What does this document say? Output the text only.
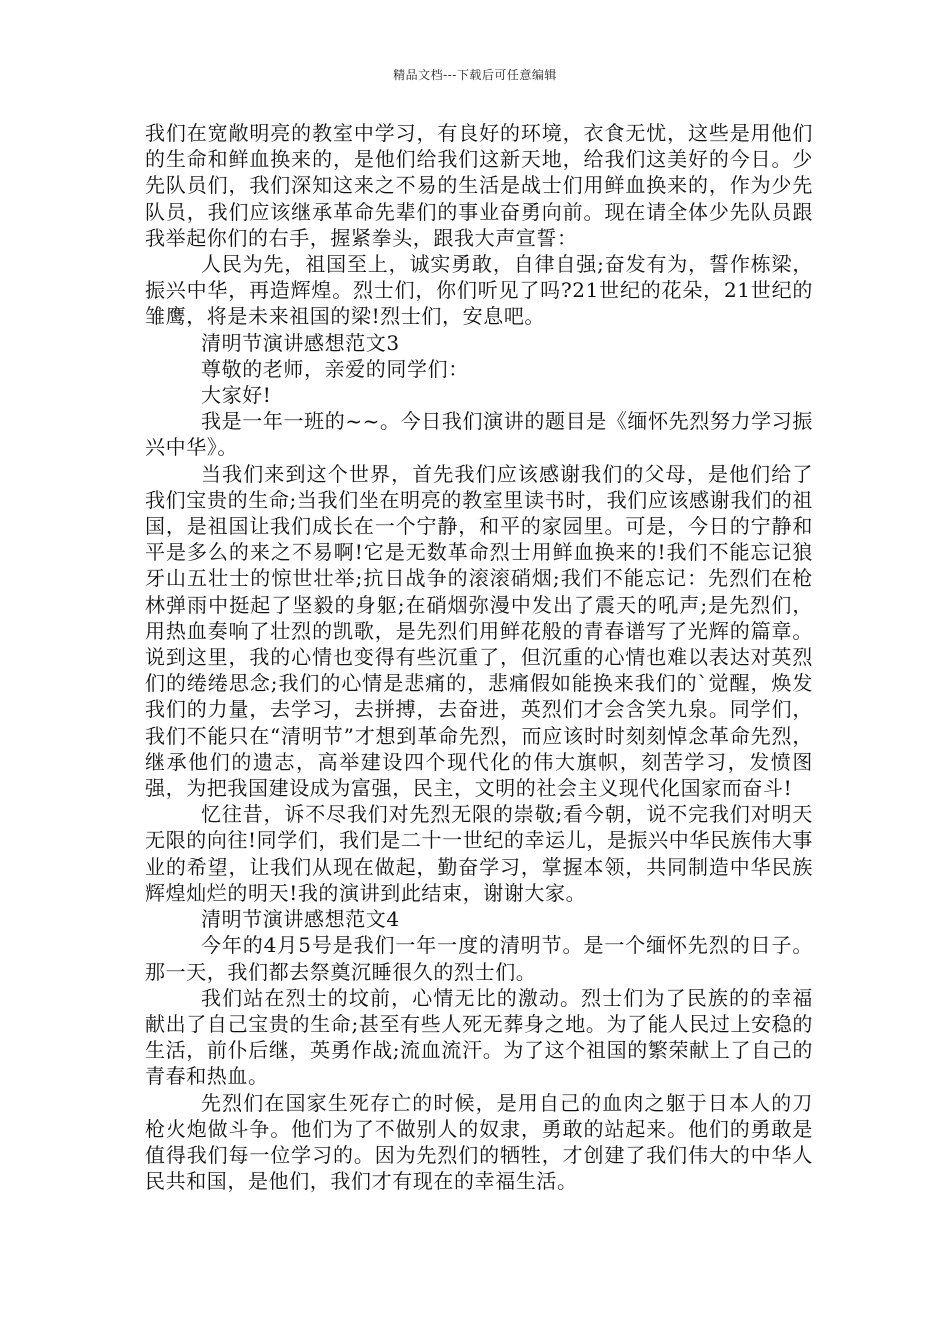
精品文档---下载后可任意编辑

我们在宽敞明亮的教室中学习，有良好的环境，衣食无忧，这些是用他们的生命和鲜血换来的，是他们给我们这新天地，给我们这美好的今日。少先队员们，我们深知这来之不易的生活是战士们用鲜血换来的，作为少先队员，我们应该继承革命先辈们的事业奋勇向前。现在请全体少先队员跟我举起你们的右手，握紧拳头，跟我大声宣誓：

人民为先，祖国至上，诚实勇敢，自律自强;奋发有为，誓作栋梁，振兴中华，再造辉煌。烈士们，你们听见了吗?21世纪的花朵，21世纪的雏鹰，将是未来祖国的梁!烈士们，安息吧。

清明节演讲感想范文3

尊敬的老师，亲爱的同学们：

大家好!

我是一年一班的~~。今日我们演讲的题目是《缅怀先烈努力学习振兴中华》。

当我们来到这个世界，首先我们应该感谢我们的父母，是他们给了我们宝贵的生命;当我们坐在明亮的教室里读书时，我们应该感谢我们的祖国，是祖国让我们成长在一个宁静，和平的家园里。可是，今日的宁静和平是多么的来之不易啊!它是无数革命烈士用鲜血换来的!我们不能忘记狼牙山五壮士的惊世壮举;抗日战争的滚滚硝烟;我们不能忘记：先烈们在枪林弹雨中挺起了坚毅的身躯;在硝烟弥漫中发出了震天的吼声;是先烈们，用热血奏响了壮烈的凯歌，是先烈们用鲜花般的青春谱写了光辉的篇章。说到这里，我的心情也变得有些沉重了，但沉重的心情也难以表达对英烈们的绻绻思念;我们的心情是悲痛的，悲痛假如能换来我们的`觉醒，焕发我们的力量，去学习，去拼搏，去奋进，英烈们才会含笑九泉。同学们，我们不能只在“清明节”才想到革命先烈，而应该时时刻刻悼念革命先烈，继承他们的遗志，高举建设四个现代化的伟大旗帜，刻苦学习，发愤图强，为把我国建设成为富强，民主，文明的社会主义现代化国家而奋斗!

忆往昔，诉不尽我们对先烈无限的崇敬;看今朝，说不完我们对明天无限的向往!同学们，我们是二十一世纪的幸运儿，是振兴中华民族伟大事业的希望，让我们从现在做起，勤奋学习，掌握本领，共同制造中华民族辉煌灿烂的明天!我的演讲到此结束，谢谢大家。

清明节演讲感想范文4

今年的4月5号是我们一年一度的清明节。是一个缅怀先烈的日子。那一天，我们都去祭奠沉睡很久的烈士们。

我们站在烈士的坟前，心情无比的激动。烈士们为了民族的的幸福献出了自己宝贵的生命;甚至有些人死无葬身之地。为了能人民过上安稳的生活，前仆后继，英勇作战;流血流汗。为了这个祖国的繁荣献上了自己的青春和热血。

先烈们在国家生死存亡的时候，是用自己的血肉之躯于日本人的刀枪火炮做斗争。他们为了不做别人的奴隶，勇敢的站起来。他们的勇敢是值得我们每一位学习的。因为先烈们的牺牲，才创建了我们伟大的中华人民共和国，是他们，我们才有现在的幸福生活。
